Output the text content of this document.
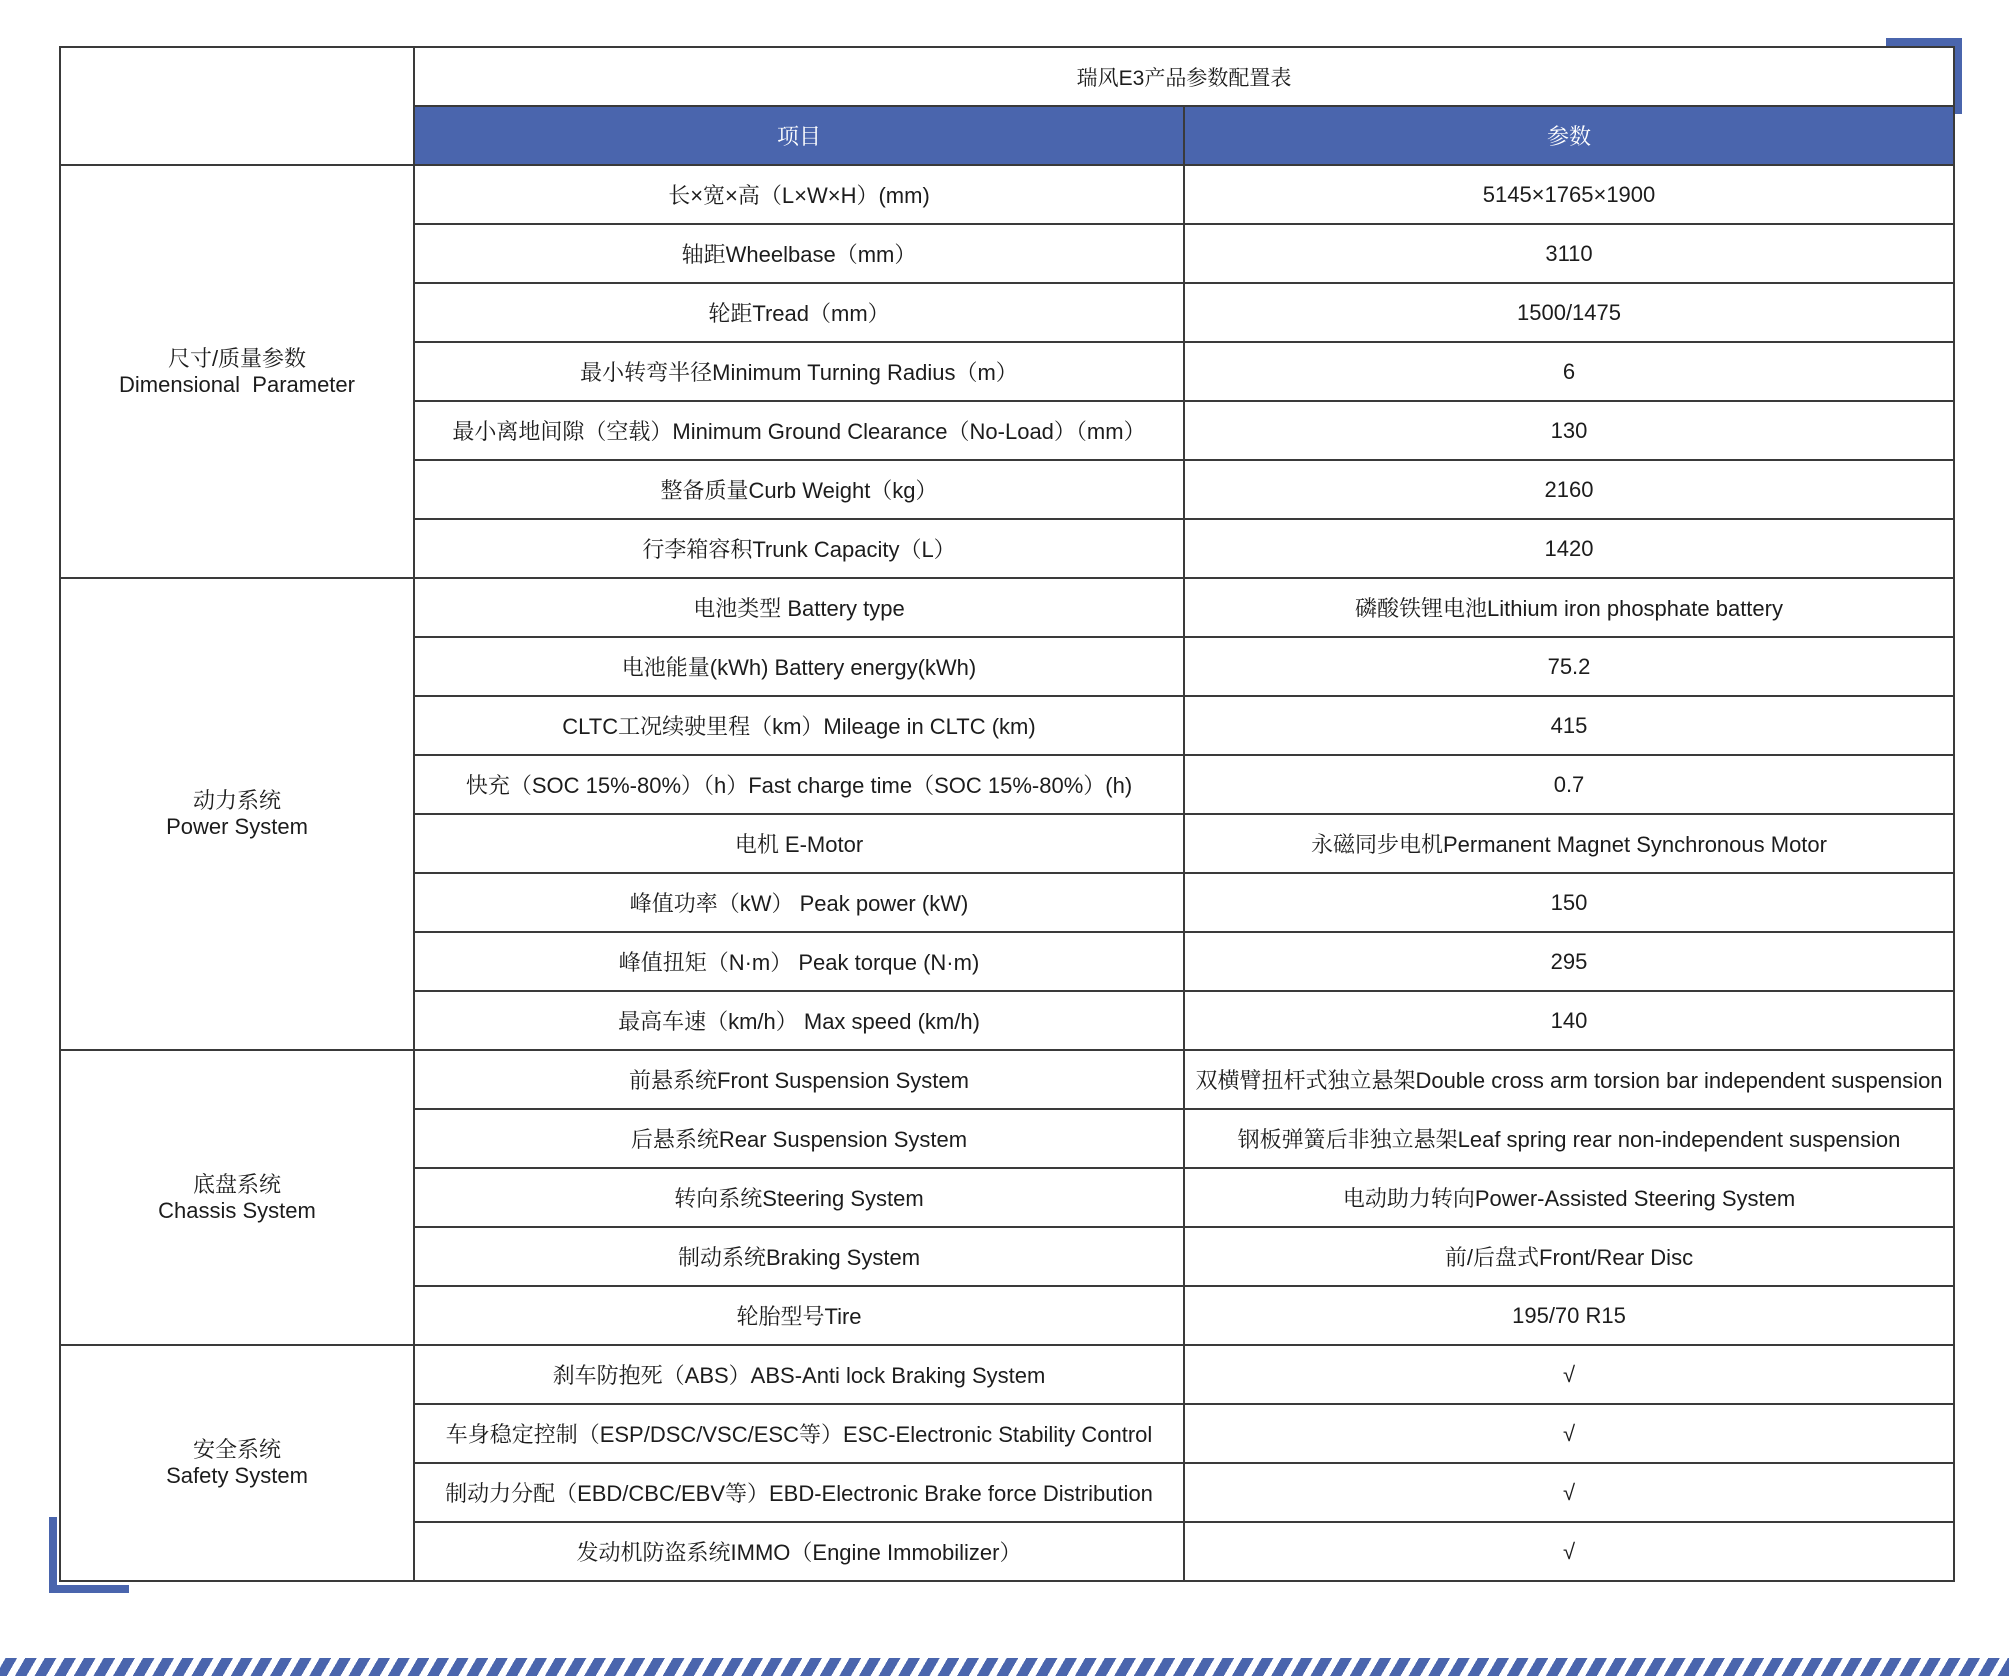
	瑞风E3产品参数配置表	
	项目	参数

尺寸/质量参数
Dimensional  Parameter	长×宽×高（L×W×H）(mm)	5145×1765×1900
	轴距Wheelbase（mm）	3110
	轮距Tread（mm）	1500/1475
	最小转弯半径Minimum Turning Radius（m）	6
	最小离地间隙（空载）Minimum Ground Clearance（No-Load）（mm）	130
	整备质量Curb Weight（kg）	2160
	行李箱容积Trunk Capacity（L）	1420

动力系统
Power System	电池类型 Battery type	磷酸铁锂电池Lithium iron phosphate battery
	电池能量(kWh) Battery energy(kWh)	75.2
	CLTC工况续驶里程（km）Mileage in CLTC (km)	415
	快充（SOC 15%-80%）（h）Fast charge time（SOC 15%-80%）(h)	0.7
	电机 E-Motor	永磁同步电机Permanent Magnet Synchronous Motor
	峰值功率（kW） Peak power (kW)	150
	峰值扭矩（N·m） Peak torque (N·m)	295
	最高车速（km/h） Max speed (km/h)	140

底盘系统
Chassis System	前悬系统Front Suspension System	双横臂扭杆式独立悬架Double cross arm torsion bar independent suspension
	后悬系统Rear Suspension System	钢板弹簧后非独立悬架Leaf spring rear non-independent suspension
	转向系统Steering System	电动助力转向Power-Assisted Steering System
	制动系统Braking System	前/后盘式Front/Rear Disc
	轮胎型号Tire	195/70 R15

安全系统
Safety System	刹车防抱死（ABS）ABS-Anti lock Braking System	√
	车身稳定控制（ESP/DSC/VSC/ESC等）ESC-Electronic Stability Control	√
	制动力分配（EBD/CBC/EBV等）EBD-Electronic Brake force Distribution	√
	发动机防盗系统IMMO（Engine Immobilizer）	√
